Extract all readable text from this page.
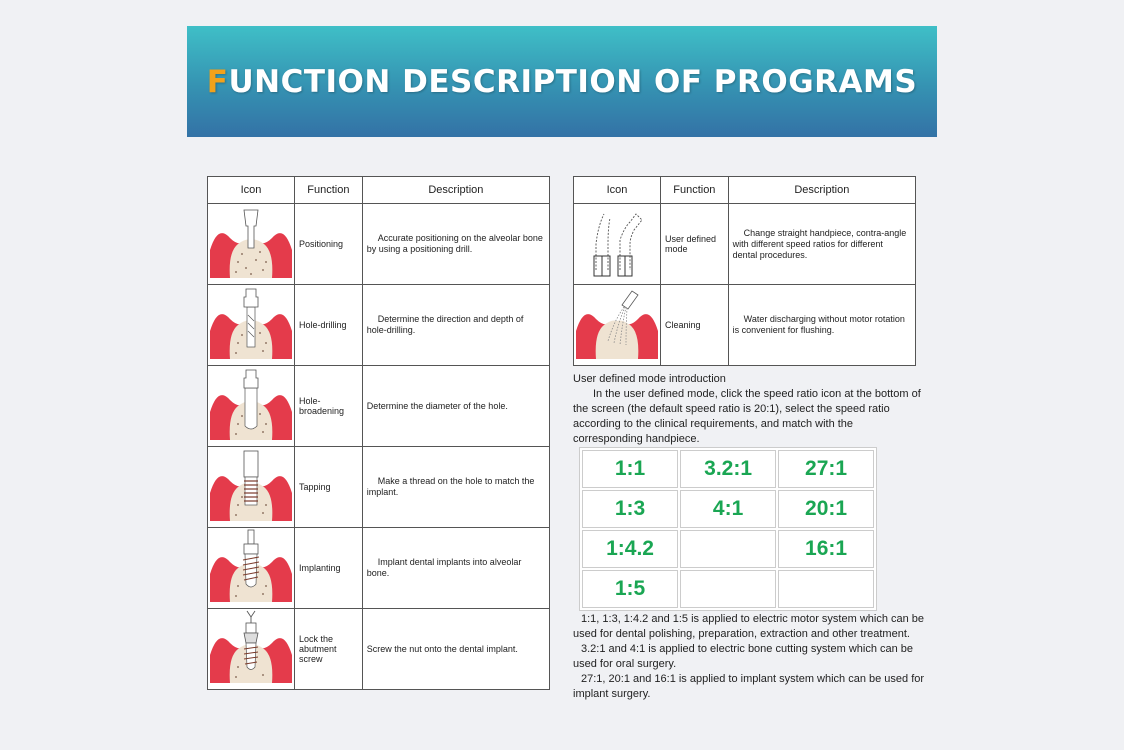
FUNCTION DESCRIPTION OF PROGRAMS
Icon	Function	Description
	Positioning	Accurate positioning on the alveolar bone by using a positioning drill.
	Hole-drilling	Determine the direction and depth of hole-drilling.
	Hole-
broadening	Determine the diameter of the hole.
	Tapping	Make a thread on the hole to match the implant.
	Implanting	Implant dental implants into alveolar bone.
	Lock the
abutment
screw	Screw the nut onto the dental implant.
Icon	Function	Description
	User defined
mode	Change straight handpiece, contra-angle with different speed ratios for different dental procedures.
	Cleaning	Water discharging without motor rotation is convenient for flushing.
User defined mode introduction
In the user defined mode, click the speed ratio icon at the bottom of the screen (the default speed ratio is 20:1), select the speed ratio according to the clinical requirements, and match with the corresponding handpiece.
1:1	3.2:1	27:1
1:3	4:1	20:1
1:4.2		16:1
1:5		

1:1, 1:3, 1:4.2 and 1:5 is applied to electric motor system which can be used for dental polishing, preparation, extraction and other treatment.

3.2:1 and 4:1 is applied to electric bone cutting system which can be used for oral surgery.

27:1, 20:1 and 16:1 is applied to implant system which can be used for implant surgery.
